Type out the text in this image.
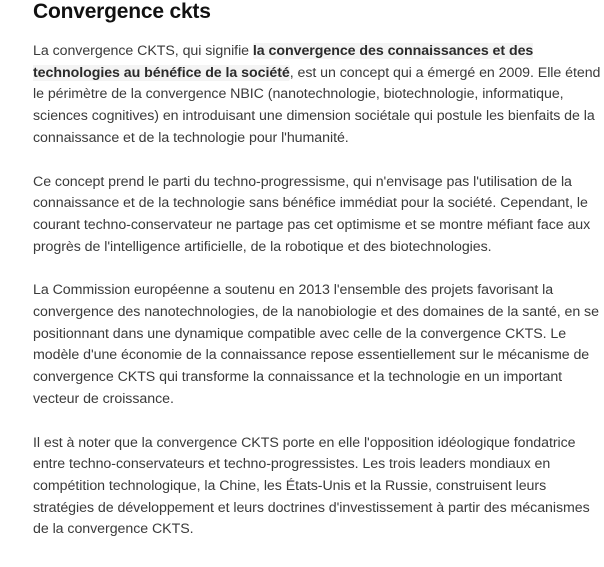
Convergence ckts

La convergence CKTS, qui signifie la convergence des connaissances et des technologies au bénéfice de la société, est un concept qui a émergé en 2009. Elle étend le périmètre de la convergence NBIC (nanotechnologie, biotechnologie, informatique, sciences cognitives) en introduisant une dimension sociétale qui postule les bienfaits de la connaissance et de la technologie pour l'humanité.

Ce concept prend le parti du techno-progressisme, qui n'envisage pas l'utilisation de la connaissance et de la technologie sans bénéfice immédiat pour la société. Cependant, le courant techno-conservateur ne partage pas cet optimisme et se montre méfiant face aux progrès de l'intelligence artificielle, de la robotique et des biotechnologies.

La Commission européenne a soutenu en 2013 l'ensemble des projets favorisant la convergence des nanotechnologies, de la nanobiologie et des domaines de la santé, en se positionnant dans une dynamique compatible avec celle de la convergence CKTS. Le modèle d'une économie de la connaissance repose essentiellement sur le mécanisme de convergence CKTS qui transforme la connaissance et la technologie en un important vecteur de croissance.

Il est à noter que la convergence CKTS porte en elle l'opposition idéologique fondatrice entre techno-conservateurs et techno-progressistes. Les trois leaders mondiaux en compétition technologique, la Chine, les États-Unis et la Russie, construisent leurs stratégies de développement et leurs doctrines d'investissement à partir des mécanismes de la convergence CKTS.
